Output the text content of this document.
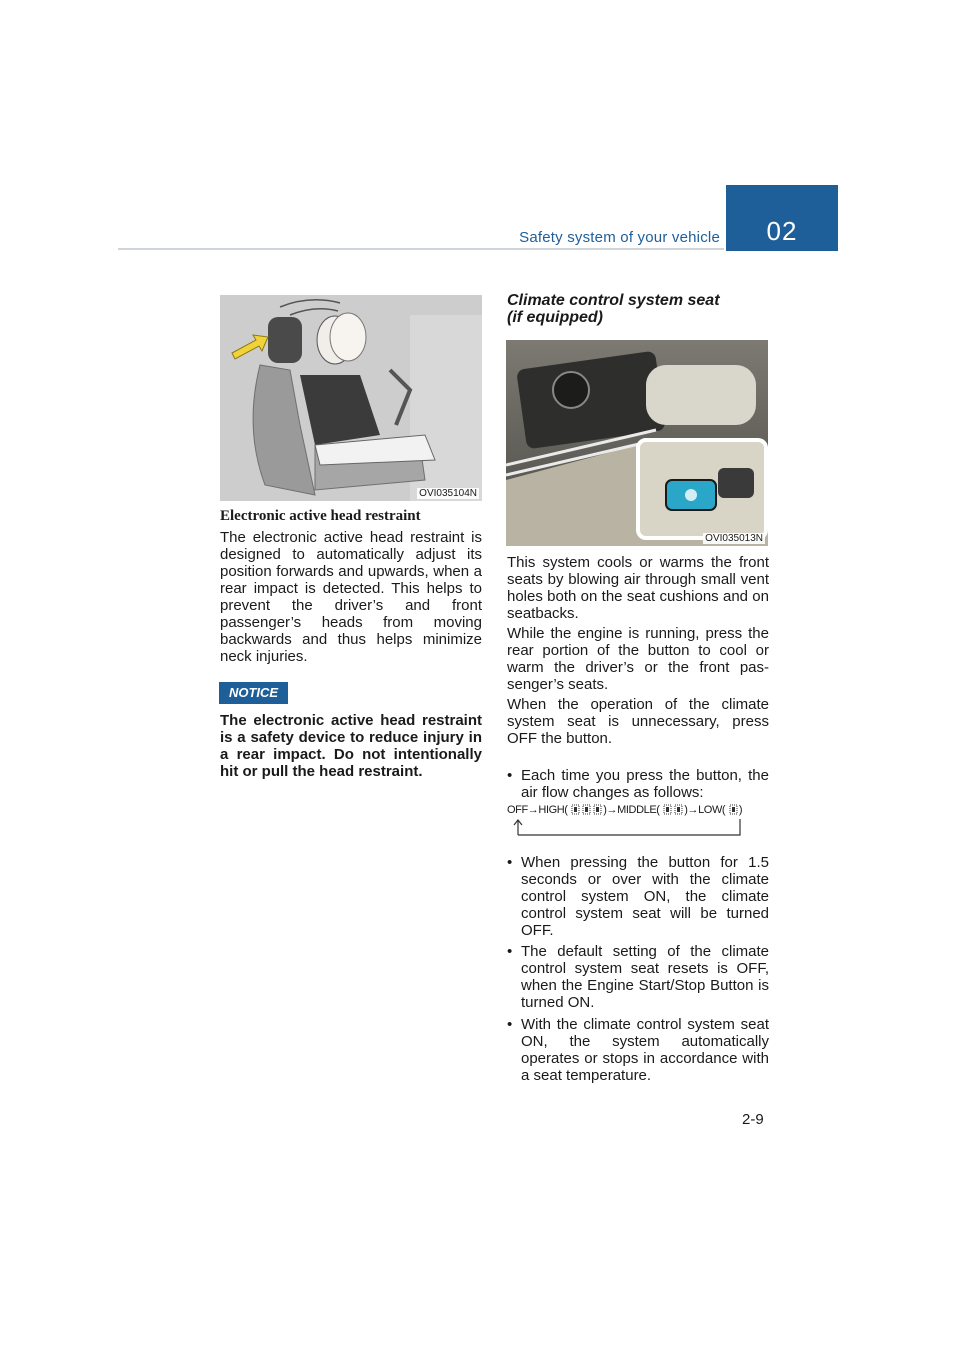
Safety system of your vehicle	02
OVI035104N
Electronic active head restraint
The electronic active head restraint is designed to automatically adjust its position forwards and upwards, when a rear impact is detected. This helps to prevent the driver’s and front passenger’s heads from moving backwards and thus helps minimize neck injuries.
NOTICE
The electronic active head restraint is a safety device to reduce injury in a rear impact. Do not intentionally hit or pull the head restraint.
Climate control system seat
(if equipped)
OVI035013N
This system cools or warms the front seats by blowing air through small vent holes both on the seat cushions and on seatbacks.
While the engine is running, press the rear portion of the button to cool or warm the driver’s or the front pas- senger’s seats.
When the operation of the climate system seat is unnecessary, press OFF the button.
• Each time you press the button, the air flow changes as follows:
OFF→HIGH(	)→MIDDLE( )→LOW( )
• When pressing the button for 1.5 seconds or over with the climate control system ON, the climate control system seat will be turned OFF.
• The default setting of the climate control system seat resets is OFF, when the Engine Start/Stop Button is turned ON.
• With the climate control system seat ON, the system automatically operates or stops in accordance with a seat temperature.
2-9
